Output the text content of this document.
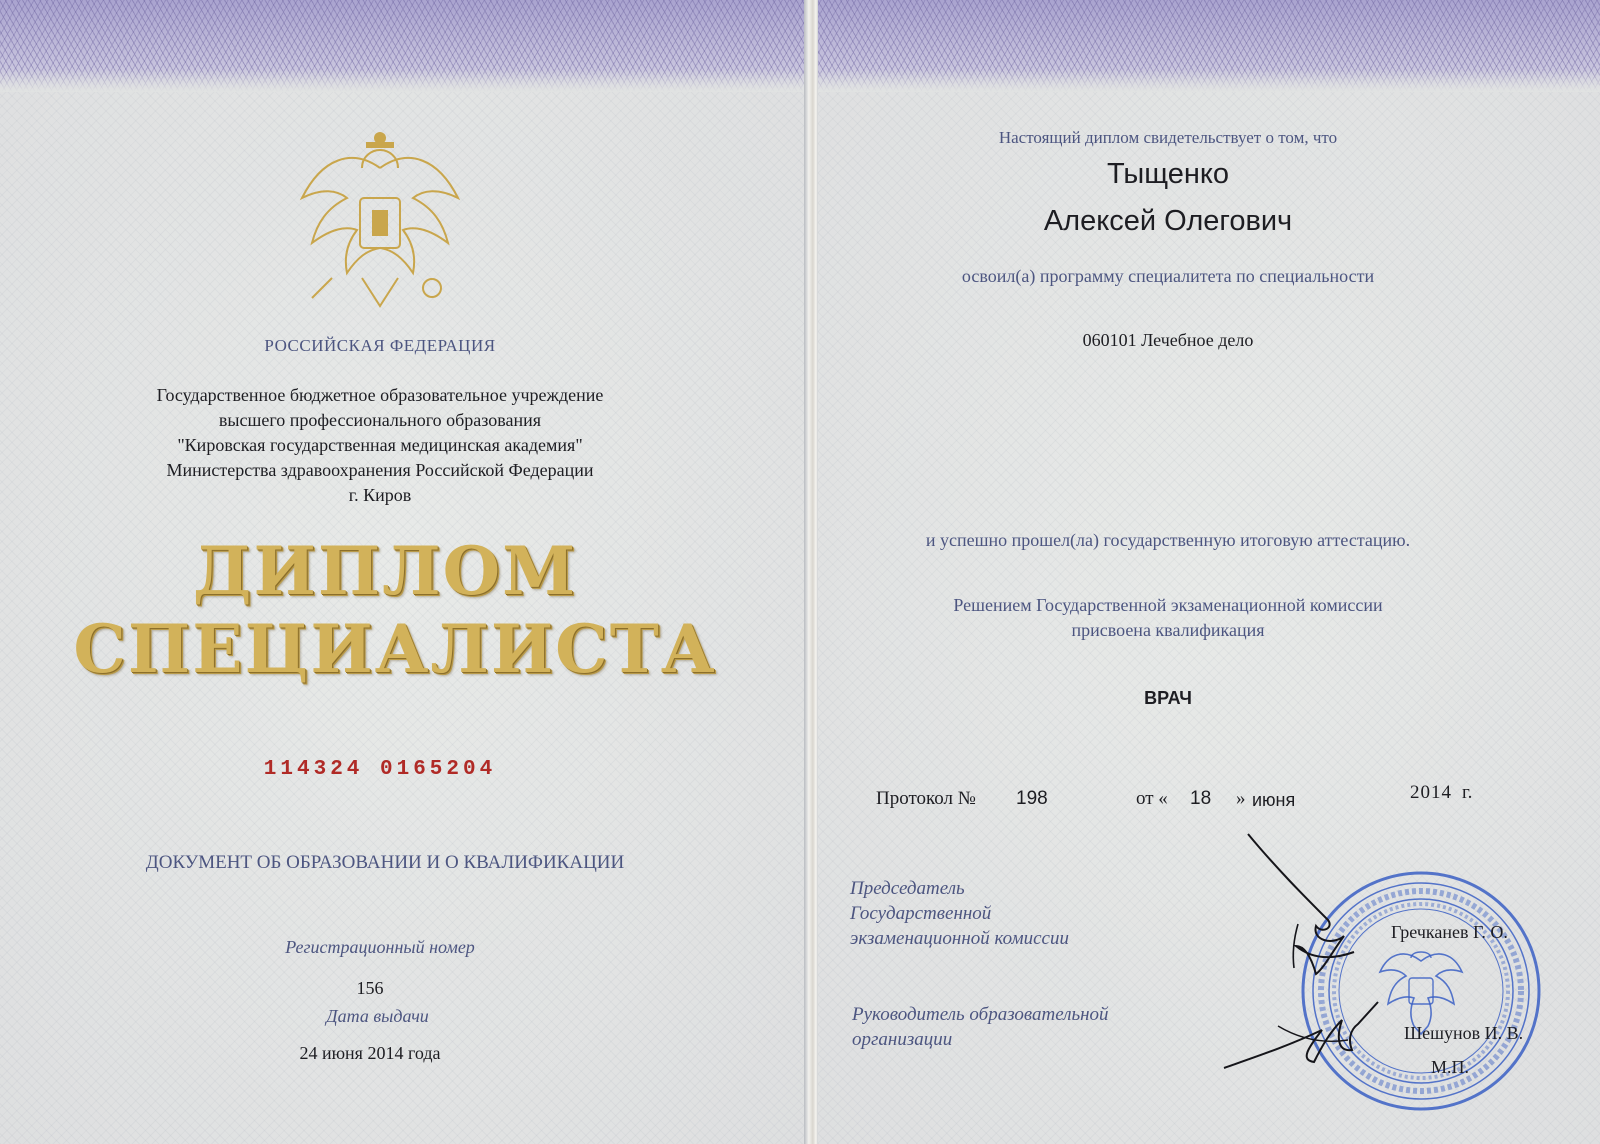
РОССИЙСКАЯ ФЕДЕРАЦИЯ
Государственное бюджетное образовательное учреждение
высшего профессионального образования
"Кировская государственная медицинская академия"
Министерства здравоохранения Российской Федерации
г. Киров
ДИПЛОМ
СПЕЦИАЛИСТА
114324 0165204
ДОКУМЕНТ ОБ ОБРАЗОВАНИИ И О КВАЛИФИКАЦИИ
Регистрационный номер
156
Дата выдачи
24 июня 2014 года
Настоящий диплом свидетельствует о том, что
Тыщенко
Алексей Олегович
освоил(а) программу специалитета по специальности
060101 Лечебное дело
и успешно прошел(ла) государственную итоговую аттестацию.
Решением Государственной экзаменационной комиссии
присвоена квалификация
ВРАЧ
Протокол № 198	от « 18 » июня	2014 г.
Председатель
Государственной
экзаменационной комиссии
Руководитель образовательной
организации
Гречканев Г. О.
Шешунов И. В.
М.П.
